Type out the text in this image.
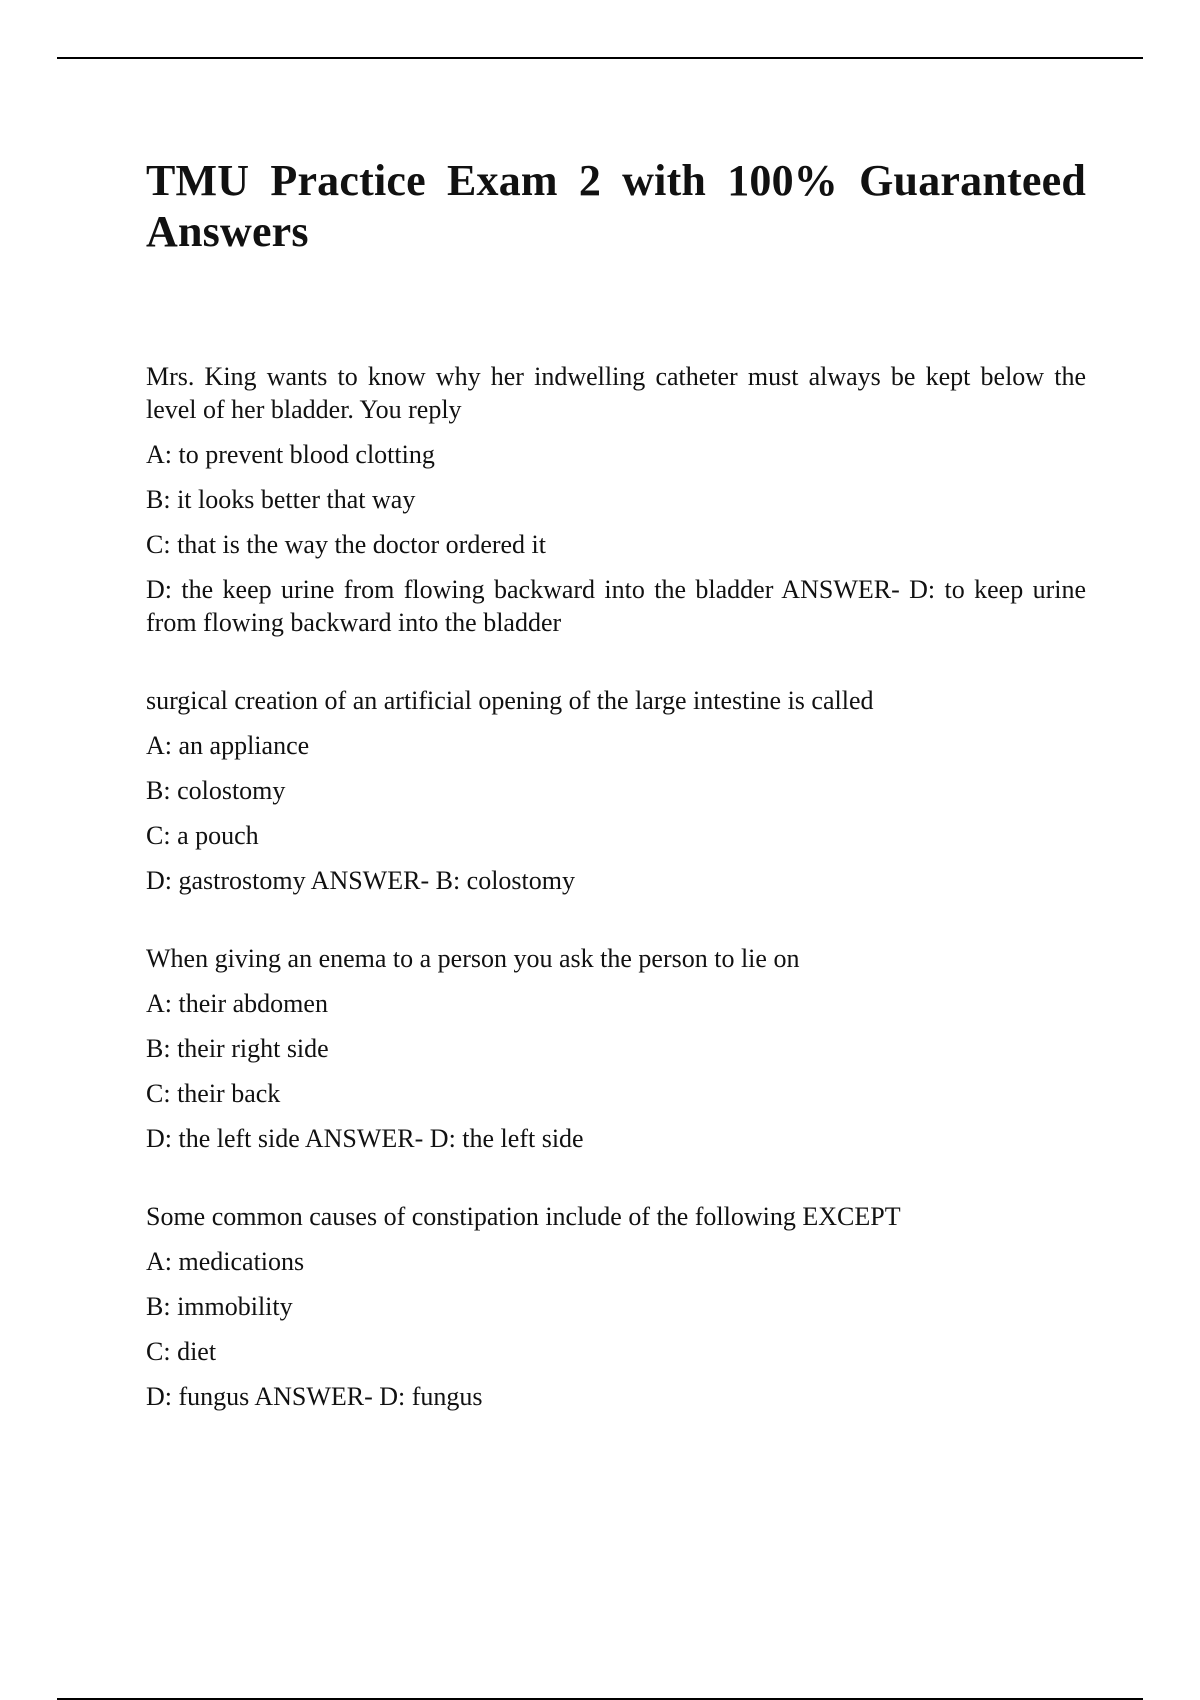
TMU Practice Exam 2 with 100% Guaranteed Answers

Mrs. King wants to know why her indwelling catheter must always be kept below the level of her bladder. You reply

A: to prevent blood clotting

B: it looks better that way

C: that is the way the doctor ordered it

D: the keep urine from flowing backward into the bladder ANSWER- D: to keep urine from flowing backward into the bladder

surgical creation of an artificial opening of the large intestine is called

A: an appliance

B: colostomy

C: a pouch

D: gastrostomy ANSWER- B: colostomy

When giving an enema to a person you ask the person to lie on

A: their abdomen

B: their right side

C: their back

D: the left side ANSWER- D: the left side

Some common causes of constipation include of the following EXCEPT

A: medications

B: immobility

C: diet

D: fungus ANSWER- D: fungus
